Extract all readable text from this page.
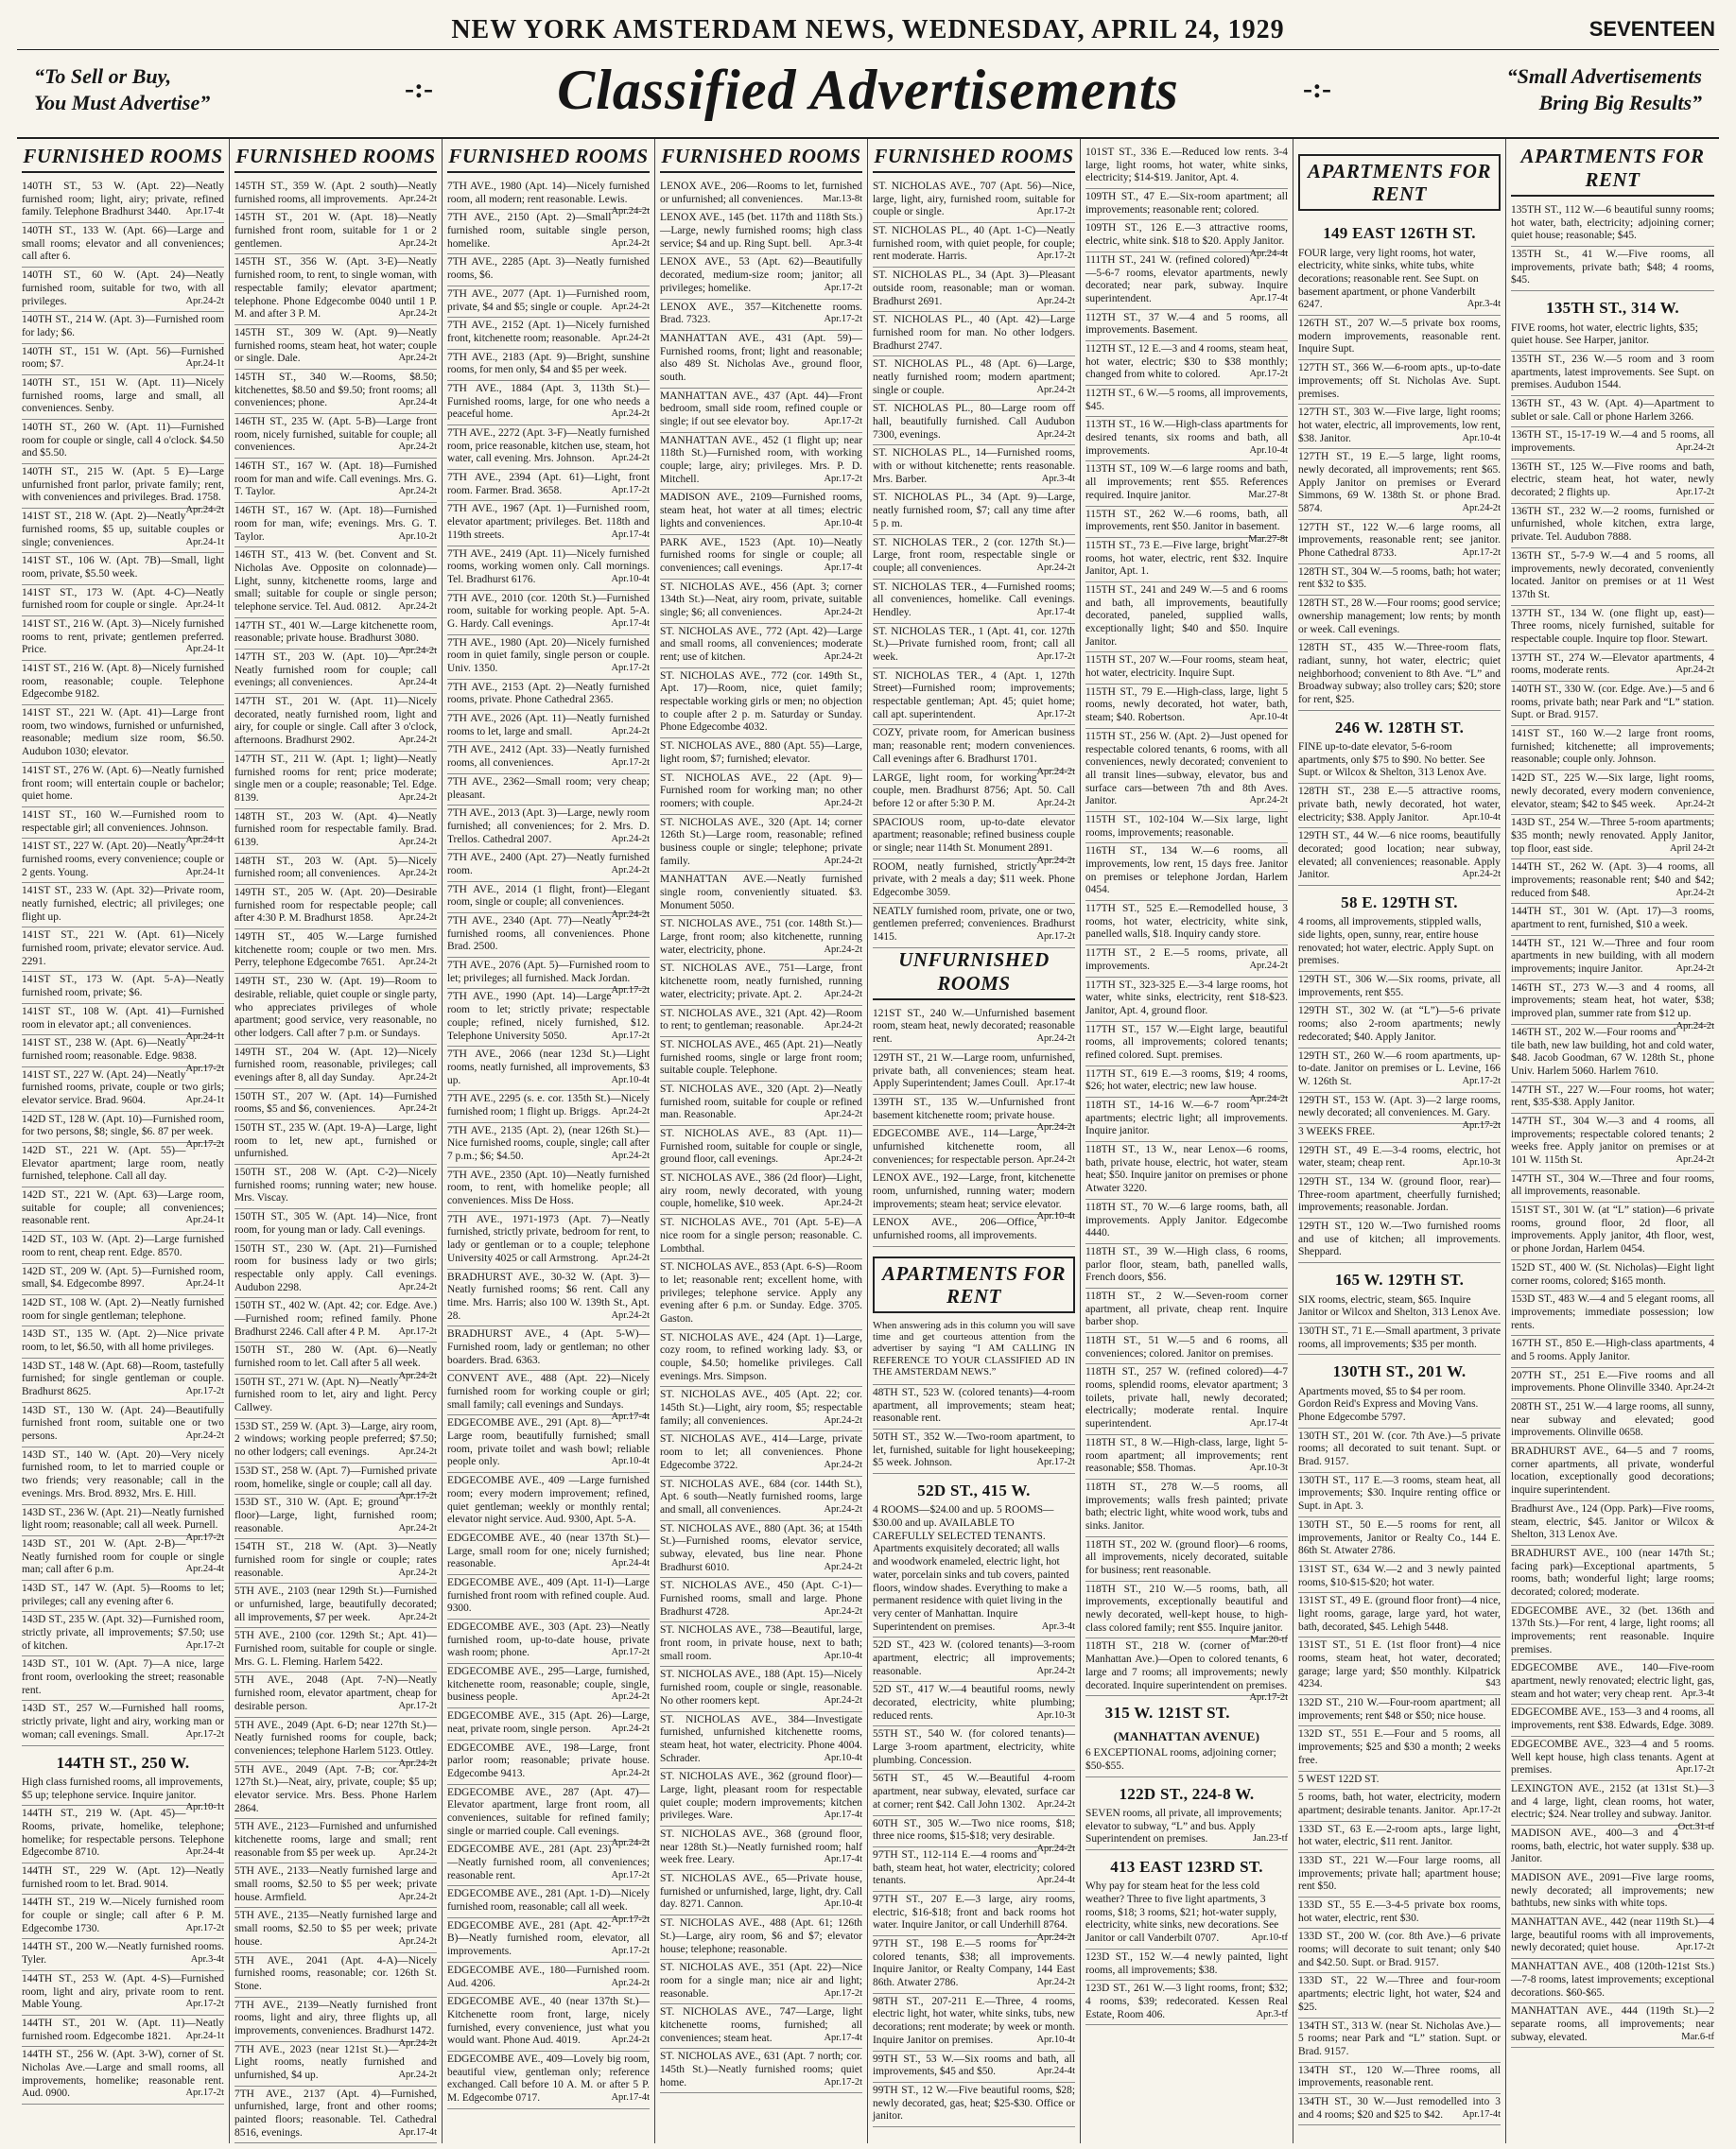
NEW YORK AMSTERDAM NEWS, WEDNESDAY, APRIL 24, 1929	SEVENTEEN
“To Sell or Buy,
You Must Advertise”	-:-	Classified Advertisements	-:-	“Small Advertisements
Bring Big Results”
FURNISHED ROOMS
140TH ST., 53 W. (Apt. 22)—Neatly furnished room; light, airy; private, refined family. Telephone Bradhurst 3440. Apr.17-4t
140TH ST., 133 W. (Apt. 66)—Large and small rooms; elevator and all conveniences; call after 6.
140TH ST., 60 W. (Apt. 24)—Neatly furnished room, suitable for two, with all privileges.	Apr.24-2t
140TH ST., 214 W. (Apt. 3)—Furnished room for lady; $6.
140TH ST., 151 W. (Apt. 56)—Furnished room; $7.	Apr.24-1t
140TH ST., 151 W. (Apt. 11)—Nicely furnished rooms, large and small, all conveniences. Senby.
140TH ST., 260 W. (Apt. 11)—Furnished room for couple or single, call 4 o'clock. $4.50 and $5.50.
140TH ST., 215 W. (Apt. 5 E)—Large unfurnished front parlor, private family; rent, with conveniences and privileges. Brad. 1758.
Apr.24-2t
141ST ST., 218 W. (Apt. 2)—Neatly furnished rooms, $5 up, suitable couples or single; conveniences.	Apr.24-1t
141ST ST., 106 W. (Apt. 7B)—Small, light room, private, $5.50 week.
141ST ST., 173 W. (Apt. 4-C)—Neatly furnished room for couple or single. Apr.24-1t
141ST ST., 216 W. (Apt. 3)—Nicely furnished rooms to rent, private; gentlemen preferred. Price.	Apr.24-1t
141ST ST., 216 W. (Apt. 8)—Nicely furnished room, reasonable; couple. Telephone Edgecombe 9182.
141ST ST., 221 W. (Apt. 41)—Large front room, two windows, furnished or unfurnished, reasonable; medium size room, $6.50. Audubon 1030; elevator.
141ST ST., 276 W. (Apt. 6)—Neatly furnished front room; will entertain couple or bachelor; quiet home.
141ST ST., 160 W.—Furnished room to respectable girl; all conveniences. Johnson.
Apr.24-1t
141ST ST., 227 W. (Apt. 20)—Neatly furnished rooms, every convenience; couple or 2 gents. Young.	Apr.24-1t
141ST ST., 233 W. (Apt. 32)—Private room, neatly furnished, electric; all privileges; one flight up.
141ST ST., 221 W. (Apt. 61)—Nicely furnished room, private; elevator service. Aud. 2291.
141ST ST., 173 W. (Apt. 5-A)—Neatly furnished room, private; $6.
141ST ST., 108 W. (Apt. 41)—Furnished room in elevator apt.; all conveniences.
Apr.24-1t
141ST ST., 238 W. (Apt. 6)—Neatly furnished room; reasonable. Edge. 9838.
Apr.17-2t
141ST ST., 227 W. (Apt. 24)—Neatly furnished rooms, private, couple or two girls; elevator service. Brad. 9604.	Apr.24-1t
142D ST., 128 W. (Apt. 10)—Furnished room, for two persons, $8; single, $6. 87 per week.
Apr.17-2t
142D ST., 221 W. (Apt. 55)—Elevator apartment; large room, neatly furnished, telephone. Call all day.
142D ST., 221 W. (Apt. 63)—Large room, suitable for couple; all conveniences; reasonable rent.	Apr.24-1t
142D ST., 103 W. (Apt. 2)—Large furnished room to rent, cheap rent. Edge. 8570.
142D ST., 209 W. (Apt. 5)—Furnished room, small, $4. Edgecombe 8997.	Apr.24-1t
142D ST., 108 W. (Apt. 2)—Neatly furnished room for single gentleman; telephone.
143D ST., 135 W. (Apt. 2)—Nice private room, to let, $6.50, with all home privileges.
143D ST., 148 W. (Apt. 68)—Room, tastefully furnished; for single gentleman or couple. Bradhurst 8625.	Apr.17-2t
143D ST., 130 W. (Apt. 24)—Beautifully furnished front room, suitable one or two persons.	Apr.24-2t
143D ST., 140 W. (Apt. 20)—Very nicely furnished room, to let to married couple or two friends; very reasonable; call in the evenings. Mrs. Brod. 8932, Mrs. E. Hill.
143D ST., 236 W. (Apt. 21)—Neatly furnished light room; reasonable; call all week. Purnell.
Apr.17-2t
143D ST., 201 W. (Apt. 2-B)—Neatly furnished room for couple or single man; call after 6 p.m.	Apr.24-4t
143D ST., 147 W. (Apt. 5)—Rooms to let; privileges; call any evening after 6.
143D ST., 235 W. (Apt. 32)—Furnished room, strictly private, all improvements; $7.50; use of kitchen.	Apr.17-2t
143D ST., 101 W. (Apt. 7)—A nice, large front room, overlooking the street; reasonable rent.
143D ST., 257 W.—Furnished hall rooms, strictly private, light and airy, working man or woman; call evenings. Small.	Apr.17-2t
144TH ST., 250 W.
High class furnished rooms, all improvements, $5 up; telephone service. Inquire janitor.
Apr.10-1t
144TH ST., 219 W. (Apt. 45)—Rooms, private, homelike, telephone; homelike; for respectable persons. Telephone Edgecombe 8710.	Apr.24-4t
144TH ST., 229 W. (Apt. 12)—Neatly furnished room to let. Brad. 9014.
144TH ST., 219 W.—Nicely furnished room for couple or single; call after 6 P. M. Edgecombe 1730.	Apr.17-2t
144TH ST., 200 W.—Neatly furnished rooms. Tyler.	Apr.3-4t
144TH ST., 253 W. (Apt. 4-S)—Furnished room, light and airy, private room to rent. Mable Young.	Apr.17-2t
144TH ST., 201 W. (Apt. 11)—Neatly furnished room. Edgecombe 1821. Apr.24-1t
144TH ST., 256 W. (Apt. 3-W), corner of St. Nicholas Ave.—Large and small rooms, all improvements, homelike; reasonable rent. Aud. 0900.	Apr.17-2t
FURNISHED ROOMS
145TH ST., 359 W. (Apt. 2 south)—Neatly furnished rooms, all improvements. Apr.24-2t
145TH ST., 201 W. (Apt. 18)—Neatly furnished front room, suitable for 1 or 2 gentlemen.	Apr.24-2t
145TH ST., 356 W. (Apt. 3-E)—Neatly furnished room, to rent, to single woman, with respectable family; elevator apartment; telephone. Phone Edgecombe 0040 until 1 P. M. and after 3 P. M.	Apr.24-2t
145TH ST., 309 W. (Apt. 9)—Neatly furnished rooms, steam heat, hot water; couple or single. Dale.	Apr.24-2t
145TH ST., 340 W.—Rooms, $8.50; kitchenettes, $8.50 and $9.50; front rooms; all conveniences; phone.	Apr.24-4t
146TH ST., 235 W. (Apt. 5-B)—Large front room, nicely furnished, suitable for couple; all conveniences.	Apr.24-2t
146TH ST., 167 W. (Apt. 18)—Furnished room for man and wife. Call evenings. Mrs. G. T. Taylor.	Apr.24-2t
146TH ST., 167 W. (Apt. 18)—Furnished room for man, wife; evenings. Mrs. G. T. Taylor.	Apr.10-2t
146TH ST., 413 W. (bet. Convent and St. Nicholas Ave. Opposite on colonnade)—Light, sunny, kitchenette rooms, large and small; suitable for couple or single person; telephone service. Tel. Aud. 0812. Apr.24-2t
147TH ST., 401 W.—Large kitchenette room, reasonable; private house. Bradhurst 3080.
Apr.24-2t
147TH ST., 203 W. (Apt. 10)—Neatly furnished room for couple; call evenings; all conveniences.	Apr.24-4t
147TH ST., 201 W. (Apt. 11)—Nicely decorated, neatly furnished room, light and airy, for couple or single. Call after 3 o'clock, afternoons. Bradhurst 2902.	Apr.24-2t
147TH ST., 211 W. (Apt. 1; light)—Neatly furnished rooms for rent; price moderate; single men or a couple; reasonable; Tel. Edge. 8139.	Apr.24-2t
148TH ST., 203 W. (Apt. 4)—Neatly furnished room for respectable family. Brad. 6139.	Apr.24-2t
148TH ST., 203 W. (Apt. 5)—Nicely furnished room; all conveniences. Apr.24-2t
149TH ST., 205 W. (Apt. 20)—Desirable furnished room for respectable people; call after 4:30 P. M. Bradhurst 1858.	Apr.24-2t
149TH ST., 405 W.—Large furnished kitchenette room; couple or two men. Mrs. Perry, telephone Edgecombe 7651. Apr.24-2t
149TH ST., 230 W. (Apt. 19)—Room to desirable, reliable, quiet couple or single party, who appreciates privileges of whole apartment; good service, very reasonable, no other lodgers. Call after 7 p.m. or Sundays.
149TH ST., 204 W. (Apt. 12)—Nicely furnished room, reasonable, privileges; call evenings after 8, all day Sunday. Apr.24-2t
150TH ST., 207 W. (Apt. 14)—Furnished rooms, $5 and $6, conveniences. Apr.24-2t
150TH ST., 235 W. (Apt. 19-A)—Large, light room to let, new apt., furnished or unfurnished.
150TH ST., 208 W. (Apt. C-2)—Nicely furnished rooms; running water; new house. Mrs. Viscay.
150TH ST., 305 W. (Apt. 14)—Nice, front room, for young man or lady. Call evenings.
150TH ST., 230 W. (Apt. 21)—Furnished room for business lady or two girls; respectable only apply. Call evenings. Audubon 2298.	Apr.24-2t
150TH ST., 402 W. (Apt. 42; cor. Edge. Ave.)—Furnished room; refined family. Phone Bradhurst 2246. Call after 4 P. M. Apr.17-2t
150TH ST., 280 W. (Apt. 6)—Neatly furnished room to let. Call after 5 all week.
Apr.24-2t
150TH ST., 271 W. (Apt. N)—Neatly furnished room to let, airy and light. Percy Callwey.
153D ST., 259 W. (Apt. 3)—Large, airy room, 2 windows; working people preferred; $7.50; no other lodgers; call evenings.	Apr.24-2t
153D ST., 258 W. (Apt. 7)—Furnished private room, homelike, single or couple; call all day.
Apr.17-2t
153D ST., 310 W. (Apt. E; ground floor)—Large, light, furnished room; reasonable.	Apr.24-2t
154TH ST., 218 W. (Apt. 3)—Neatly furnished room for single or couple; rates reasonable.	Apr.24-2t
5TH AVE., 2103 (near 129th St.)—Furnished or unfurnished, large, beautifully decorated; all improvements, $7 per week.	Apr.24-2t
5TH AVE., 2100 (cor. 129th St.; Apt. 41)—Furnished room, suitable for couple or single. Mrs. G. L. Fleming. Harlem 5422.
5TH AVE., 2048 (Apt. 7-N)—Neatly furnished room, elevator apartment, cheap for desirable person.	Apr.17-2t
5TH AVE., 2049 (Apt. 6-D; near 127th St.)—Neatly furnished rooms for couple, back; conveniences; telephone Harlem 5123. Ottley.
Apr.24-2t
5TH AVE., 2049 (Apt. 7-B; cor. 127th St.)—Neat, airy, private, couple; $5 up; elevator service. Mrs. Bess. Phone Harlem 2864.
5TH AVE., 2123—Furnished and unfurnished kitchenette rooms, large and small; rent reasonable from $5 per week up. Apr.24-2t
5TH AVE., 2133—Neatly furnished large and small rooms, $2.50 to $5 per week; private house. Armfield.	Apr.24-2t
5TH AVE., 2135—Neatly furnished large and small rooms, $2.50 to $5 per week; private house.	Apr.24-2t
5TH AVE., 2041 (Apt. 4-A)—Nicely furnished rooms, reasonable; cor. 126th St. Stone.
7TH AVE., 2139—Neatly furnished front rooms, light and airy, three flights up, all improvements, conveniences. Bradhurst 1472.
Apr.24-2t
7TH AVE., 2023 (near 121st St.)—Light rooms, neatly furnished and unfurnished, $4 up.	Apr.24-2t
7TH AVE., 2137 (Apt. 4)—Furnished, unfurnished, large, front and other rooms; painted floors; reasonable. Tel. Cathedral 8516, evenings.	Apr.17-4t
FURNISHED ROOMS
7TH AVE., 1980 (Apt. 14)—Nicely furnished room, all modern; rent reasonable. Lewis.
Apr.24-2t
7TH AVE., 2150 (Apt. 2)—Small furnished room, suitable single person, homelike.	Apr.24-2t
7TH AVE., 2285 (Apt. 3)—Neatly furnished rooms, $6.
7TH AVE., 2077 (Apt. 1)—Furnished room, private, $4 and $5; single or couple. Apr.24-2t
7TH AVE., 2152 (Apt. 1)—Nicely furnished front, kitchenette room; reasonable. Apr.24-2t
7TH AVE., 2183 (Apt. 9)—Bright, sunshine rooms, for men only, $4 and $5 per week.
7TH AVE., 1884 (Apt. 3, 113th St.)—Furnished rooms, large, for one who needs a peaceful home.	Apr.24-2t
7TH AVE., 2272 (Apt. 3-F)—Neatly furnished room, price reasonable, kitchen use, steam, hot water, call evening. Mrs. Johnson. Apr.24-2t
7TH AVE., 2394 (Apt. 61)—Light, front room. Farmer. Brad. 3658.	Apr.17-2t
7TH AVE., 1967 (Apt. 1)—Furnished room, elevator apartment; privileges. Bet. 118th and 119th streets.	Apr.17-4t
7TH AVE., 2419 (Apt. 11)—Nicely furnished rooms, working women only. Call mornings. Tel. Bradhurst 6176.	Apr.10-4t
7TH AVE., 2010 (cor. 120th St.)—Furnished room, suitable for working people. Apt. 5-A. G. Hardy. Call evenings.	Apr.17-4t
7TH AVE., 1980 (Apt. 20)—Nicely furnished room in quiet family, single person or couple. Univ. 1350.	Apr.17-2t
7TH AVE., 2153 (Apt. 2)—Neatly furnished rooms, private. Phone Cathedral 2365.
7TH AVE., 2026 (Apt. 11)—Neatly furnished rooms to let, large and small.	Apr.24-2t
7TH AVE., 2412 (Apt. 33)—Neatly furnished rooms, all conveniences.	Apr.17-2t
7TH AVE., 2362—Small room; very cheap; pleasant.
7TH AVE., 2013 (Apt. 3)—Large, newly room furnished; all conveniences; for 2. Mrs. D. Trellos. Cathedral 2007.	Apr.24-2t
7TH AVE., 2400 (Apt. 27)—Neatly furnished room.	Apr.24-2t
7TH AVE., 2014 (1 flight, front)—Elegant room, single or couple; all conveniences.
Apr.24-2t
7TH AVE., 2340 (Apt. 77)—Neatly furnished rooms, all conveniences. Phone Brad. 2500.
7TH AVE., 2076 (Apt. 5)—Furnished room to let; privileges; all furnished. Mack Jordan.
Apr.17-2t
7TH AVE., 1990 (Apt. 14)—Large room to let; strictly private; respectable couple; refined, nicely furnished, $12. Telephone University 5050.	Apr.17-2t
7TH AVE., 2066 (near 123d St.)—Light rooms, neatly furnished, all improvements, $3 up.	Apr.10-4t
7TH AVE., 2295 (s. e. cor. 135th St.)—Nicely furnished room; 1 flight up. Briggs. Apr.24-2t
7TH AVE., 2135 (Apt. 2), (near 126th St.)—Nice furnished rooms, couple, single; call after 7 p.m.; $6; $4.50.	Apr.24-2t
7TH AVE., 2350 (Apt. 10)—Neatly furnished room, to rent, with homelike people; all conveniences. Miss De Hoss.
7TH AVE., 1971-1973 (Apt. 7)—Neatly furnished, strictly private, bedroom for rent, to lady or gentleman or to a couple; telephone University 4025 or call Armstrong. Apr.24-2t
BRADHURST AVE., 30-32 W. (Apt. 3)—Neatly furnished rooms; $6 rent. Call any time. Mrs. Harris; also 100 W. 139th St., Apt. 28.	Apr.24-2t
BRADHURST AVE., 4 (Apt. 5-W)—Furnished room, lady or gentleman; no other boarders. Brad. 6363.
CONVENT AVE., 488 (Apt. 22)—Nicely furnished room for working couple or girl; small family; call evenings and Sundays.
Apr.17-4t
EDGECOMBE AVE., 291 (Apt. 8)—Large room, beautifully furnished; small room, private toilet and wash bowl; reliable people only.	Apr.10-4t
EDGECOMBE AVE., 409 —Large furnished room; every modern improvement; refined, quiet gentleman; weekly or monthly rental; elevator night service. Aud. 9300, Apt. 5-A.
EDGECOMBE AVE., 40 (near 137th St.)—Large, small room for one; nicely furnished; reasonable.	Apr.24-4t
EDGECOMBE AVE., 409 (Apt. 11-I)—Large furnished front room with refined couple. Aud. 9300.
EDGECOMBE AVE., 303 (Apt. 23)—Neatly furnished room, up-to-date house, private wash room; phone.	Apr.17-2t
EDGECOMBE AVE., 295—Large, furnished, kitchenette room, reasonable; couple, single, business people.	Apr.24-2t
EDGECOMBE AVE., 315 (Apt. 26)—Large, neat, private room, single person. Apr.24-2t
EDGECOMBE AVE., 198—Large, front parlor room; reasonable; private house. Edgecombe 9413.	Apr.24-2t
EDGECOMBE AVE., 287 (Apt. 47)—Elevator apartment, large front room, all conveniences, suitable for refined family; single or married couple. Call evenings.
Apr.24-2t
EDGECOMBE AVE., 281 (Apt. 23)—Neatly furnished room, all conveniences; reasonable rent.	Apr.17-2t
EDGECOMBE AVE., 281 (Apt. 1-D)—Nicely furnished room, reasonable; call all week.
Apr.17-2t
EDGECOMBE AVE., 281 (Apt. 42-B)—Neatly furnished room, elevator, all improvements.	Apr.17-2t
EDGECOMBE AVE., 180—Furnished room. Aud. 4206.	Apr.24-2t
EDGECOMBE AVE., 40 (near 137th St.)—Kitchenette room front, large, nicely furnished, every convenience, just what you would want. Phone Aud. 4019.	Apr.24-2t
EDGECOMBE AVE., 409—Lovely big room, beautiful view, gentleman only; reference exchanged. Call before 10 A. M. or after 5 P. M. Edgecombe 0717.	Apr.17-4t
FURNISHED ROOMS
LENOX AVE., 206—Rooms to let, furnished or unfurnished; all conveniences. Mar.13-8t
LENOX AVE., 145 (bet. 117th and 118th Sts.)—Large, newly furnished rooms; high class service; $4 and up. Ring Supt. bell. Apr.3-4t
LENOX AVE., 53 (Apt. 62)—Beautifully decorated, medium-size room; janitor; all privileges; homelike.	Apr.17-2t
LENOX AVE., 357—Kitchenette rooms. Brad. 7323.	Apr.17-2t
MANHATTAN AVE., 431 (Apt. 59)—Furnished rooms, front; light and reasonable; also 489 St. Nicholas Ave., ground floor, south.
MANHATTAN AVE., 437 (Apt. 44)—Front bedroom, small side room, refined couple or single; if out see elevator boy.	Apr.17-2t
MANHATTAN AVE., 452 (1 flight up; near 118th St.)—Furnished room, with working couple; large, airy; privileges. Mrs. P. D. Mitchell.	Apr.17-2t
MADISON AVE., 2109—Furnished rooms, steam heat, hot water at all times; electric lights and conveniences.	Apr.10-4t
PARK AVE., 1523 (Apt. 10)—Neatly furnished rooms for single or couple; all conveniences; call evenings.	Apr.17-4t
ST. NICHOLAS AVE., 456 (Apt. 3; corner 134th St.)—Neat, airy room, private, suitable single; $6; all conveniences.	Apr.24-2t
ST. NICHOLAS AVE., 772 (Apt. 42)—Large and small rooms, all conveniences; moderate rent; use of kitchen.	Apr.24-2t
ST. NICHOLAS AVE., 772 (cor. 149th St., Apt. 17)—Room, nice, quiet family; respectable working girls or men; no objection to couple after 2 p. m. Saturday or Sunday. Phone Edgecombe 4032.
ST. NICHOLAS AVE., 880 (Apt. 55)—Large, light room, $7; furnished; elevator.
ST. NICHOLAS AVE., 22 (Apt. 9)—Furnished room for working man; no other roomers; with couple.	Apr.24-2t
ST. NICHOLAS AVE., 320 (Apt. 14; corner 126th St.)—Large room, reasonable; refined business couple or single; telephone; private family.	Apr.24-2t
MANHATTAN AVE.—Neatly furnished single room, conveniently situated. $3. Monument 5050.
ST. NICHOLAS AVE., 751 (cor. 148th St.)—Large, front room; also kitchenette, running water, electricity, phone.	Apr.24-2t
ST. NICHOLAS AVE., 751—Large, front kitchenette room, neatly furnished, running water, electricity; private. Apt. 2. Apr.24-2t
ST. NICHOLAS AVE., 321 (Apt. 42)—Room to rent; to gentleman; reasonable. Apr.24-2t
ST. NICHOLAS AVE., 465 (Apt. 21)—Neatly furnished rooms, single or large front room; suitable couple. Telephone.
ST. NICHOLAS AVE., 320 (Apt. 2)—Neatly furnished room, suitable for couple or refined man. Reasonable.	Apr.24-2t
ST. NICHOLAS AVE., 83 (Apt. 11)—Furnished room, suitable for couple or single, ground floor, call evenings.	Apr.24-2t
ST. NICHOLAS AVE., 386 (2d floor)—Light, airy room, newly decorated, with young couple, homelike, $10 week.	Apr.24-2t
ST. NICHOLAS AVE., 701 (Apt. 5-E)—A nice room for a single person; reasonable. C. Lombthal.
ST. NICHOLAS AVE., 853 (Apt. 6-S)—Room to let; reasonable rent; excellent home, with privileges; telephone service. Apply any evening after 6 p.m. or Sunday. Edge. 3705. Gaston.
ST. NICHOLAS AVE., 424 (Apt. 1)—Large, cozy room, to refined working lady. $3, or couple, $4.50; homelike privileges. Call evenings. Mrs. Simpson.
ST. NICHOLAS AVE., 405 (Apt. 22; cor. 145th St.)—Light, airy room, $5; respectable family; all conveniences.	Apr.24-2t
ST. NICHOLAS AVE., 414—Large, private room to let; all conveniences. Phone Edgecombe 3722.	Apr.24-2t
ST. NICHOLAS AVE., 684 (cor. 144th St.), Apt. 6 south—Neatly furnished rooms, large and small, all conveniences.	Apr.24-2t
ST. NICHOLAS AVE., 880 (Apt. 36; at 154th St.)—Furnished rooms, elevator service, subway, elevated, bus line near. Phone Bradhurst 6010.	Apr.24-2t
ST. NICHOLAS AVE., 450 (Apt. C-1)—Furnished rooms, small and large. Phone Bradhurst 4728.	Apr.24-2t
ST. NICHOLAS AVE., 738—Beautiful, large, front room, in private house, next to bath; small room.	Apr.10-4t
ST. NICHOLAS AVE., 188 (Apt. 15)—Nicely furnished room, couple or single, reasonable. No other roomers kept.	Apr.24-2t
ST. NICHOLAS AVE., 384—Investigate furnished, unfurnished kitchenette rooms, steam heat, hot water, electricity. Phone 4004. Schrader.	Apr.10-4t
ST. NICHOLAS AVE., 362 (ground floor)—Large, light, pleasant room for respectable quiet couple; modern improvements; kitchen privileges. Ware.	Apr.17-4t
ST. NICHOLAS AVE., 368 (ground floor, near 128th St.)—Neatly furnished room; half week free. Leary.	Apr.17-4t
ST. NICHOLAS AVE., 65—Private house, furnished or unfurnished, large, light, dry. Call day. 8271. Cannon.	Apr.10-4t
ST. NICHOLAS AVE., 488 (Apt. 61; 126th St.)—Large, airy room, $6 and $7; elevator house; telephone; reasonable.
ST. NICHOLAS AVE., 351 (Apt. 22)—Nice room for a single man; nice air and light; reasonable.	Apr.17-2t
ST. NICHOLAS AVE., 747—Large, light kitchenette rooms, furnished; all conveniences; steam heat.	Apr.17-4t
ST. NICHOLAS AVE., 631 (Apt. 7 north; cor. 145th St.)—Neatly furnished rooms; quiet home.	Apr.17-2t
FURNISHED ROOMS
ST. NICHOLAS AVE., 707 (Apt. 56)—Nice, large, light, airy, furnished room, suitable for couple or single.	Apr.17-2t
ST. NICHOLAS PL., 40 (Apt. 1-C)—Neatly furnished room, with quiet people, for couple; rent moderate. Harris.	Apr.17-2t
ST. NICHOLAS PL., 34 (Apt. 3)—Pleasant outside room, reasonable; man or woman. Bradhurst 2691.	Apr.24-2t
ST. NICHOLAS PL., 40 (Apt. 42)—Large furnished room for man. No other lodgers. Bradhurst 2747.
ST. NICHOLAS PL., 48 (Apt. 6)—Large, neatly furnished room; modern apartment; single or couple.	Apr.24-2t
ST. NICHOLAS PL., 80—Large room off hall, beautifully furnished. Call Audubon 7300, evenings.	Apr.24-2t
ST. NICHOLAS PL., 14—Furnished rooms, with or without kitchenette; rents reasonable. Mrs. Barber.	Apr.3-4t
ST. NICHOLAS PL., 34 (Apt. 9)—Large, neatly furnished room, $7; call any time after 5 p. m.
ST. NICHOLAS TER., 2 (cor. 127th St.)—Large, front room, respectable single or couple; all conveniences.	Apr.24-2t
ST. NICHOLAS TER., 4—Furnished rooms; all conveniences, homelike. Call evenings. Hendley.	Apr.17-4t
ST. NICHOLAS TER., 1 (Apt. 41, cor. 127th St.)—Private furnished room, front; call all week.	Apr.17-2t
ST. NICHOLAS TER., 4 (Apt. 1, 127th Street)—Furnished room; improvements; respectable gentleman; Apt. 45; quiet home; call apt. superintendent.	Apr.17-2t
COZY, private room, for American business man; reasonable rent; modern conveniences. Call evenings after 6. Bradhurst 1701.
Apr.24-2t
LARGE, light room, for working couple, men. Bradhurst 8756; Apt. 50. Call before 12 or after 5:30 P. M.	Apr.24-2t
SPACIOUS room, up-to-date elevator apartment; reasonable; refined business couple or single; near 114th St. Monument 2891.
Apr.24-2t
ROOM, neatly furnished, strictly private, with 2 meals a day; $11 week. Phone Edgecombe 3059.
NEATLY furnished room, private, one or two, gentlemen preferred; conveniences. Bradhurst 1415.	Apr.17-2t
UNFURNISHED ROOMS
121ST ST., 240 W.—Unfurnished basement room, steam heat, newly decorated; reasonable rent.	Apr.24-2t
129TH ST., 21 W.—Large room, unfurnished, private bath, all conveniences; steam heat. Apply Superintendent; James Coull. Apr.17-4t
139TH ST., 135 W.—Unfurnished front basement kitchenette room; private house.
Apr.24-2t
EDGECOMBE AVE., 114—Large, unfurnished kitchenette room, all conveniences; for respectable person. Apr.24-2t
LENOX AVE., 192—Large, front, kitchenette room, unfurnished, running water; modern improvements; steam heat; service elevator.
Apr.10-4t
LENOX AVE., 206—Office, unfurnished rooms, all improvements.
APARTMENTS FOR RENT
When answering ads in this column you will save time and get courteous attention from the advertiser by saying “I AM CALLING IN REFERENCE TO YOUR CLASSIFIED AD IN THE AMSTERDAM NEWS.”
48TH ST., 523 W. (colored tenants)—4-room apartment, all improvements; steam heat; reasonable rent.
50TH ST., 352 W.—Two-room apartment, to let, furnished, suitable for light housekeeping; $5 week. Johnson.	Apr.17-2t
52D ST., 415 W.
4 ROOMS—$24.00 and up. 5 ROOMS—$30.00 and up. AVAILABLE TO CAREFULLY SELECTED TENANTS. Apartments exquisitely decorated; all walls and woodwork enameled, electric light, hot water, porcelain sinks and tub covers, painted floors, window shades. Everything to make a permanent residence with quiet living in the very center of Manhattan. Inquire Superintendent on premises.	Apr.3-4t
52D ST., 423 W. (colored tenants)—3-room apartment, electric; all improvements; reasonable.	Apr.24-2t
52D ST., 417 W.—4 beautiful rooms, newly decorated, electricity, white plumbing; reduced rents.	Apr.10-3t
55TH ST., 540 W. (for colored tenants)—Large 3-room apartment, electricity, white plumbing. Concession.
56TH ST., 45 W.—Beautiful 4-room apartment, near subway, elevated, surface car at corner; rent $42. Call John 1302. Apr.24-2t
60TH ST., 305 W.—Two nice rooms, $18; three nice rooms, $15-$18; very desirable.
Apr.24-2t
97TH ST., 112-114 E.—4 rooms and bath, steam heat, hot water, electricity; colored tenants.	Apr.24-4t
97TH ST., 207 E.—3 large, airy rooms, electric, $16-$18; front and back rooms hot water. Inquire Janitor, or call Underhill 8764.
Apr.24-2t
97TH ST., 198 E.—5 rooms for colored tenants, $38; all improvements. Inquire Janitor, or Realty Company, 144 East 86th. Atwater 2786.	Apr.24-2t
98TH ST., 207-211 E.—Three, 4 rooms, electric light, hot water, white sinks, tubs, new decorations; rent moderate; by week or month. Inquire Janitor on premises.	Apr.10-4t
99TH ST., 53 W.—Six rooms and bath, all improvements, $45 and $50.	Apr.24-4t
99TH ST., 12 W.—Five beautiful rooms, $28; newly decorated, gas, heat; $25-$30. Office or janitor.
101ST ST., 336 E.—Reduced low rents. 3-4 large, light rooms, hot water, white sinks, electricity; $14-$19. Janitor, Apt. 4.
109TH ST., 47 E.—Six-room apartment; all improvements; reasonable rent; colored.
109TH ST., 126 E.—3 attractive rooms, electric, white sink. $18 to $20. Apply Janitor.
Apr.24-4t
111TH ST., 241 W. (refined colored)—5-6-7 rooms, elevator apartments, newly decorated; near park, subway. Inquire superintendent.	Apr.17-4t
112TH ST., 37 W.—4 and 5 rooms, all improvements. Basement.
112TH ST., 12 E.—3 and 4 rooms, steam heat, hot water, electric; $30 to $38 monthly; changed from white to colored.	Apr.17-2t
112TH ST., 6 W.—5 rooms, all improvements, $45.
113TH ST., 16 W.—High-class apartments for desired tenants, six rooms and bath, all improvements.	Apr.10-4t
113TH ST., 109 W.—6 large rooms and bath, all improvements; rent $55. References required. Inquire janitor.	Mar.27-8t
115TH ST., 262 W.—6 rooms, bath, all improvements, rent $50. Janitor in basement.
Mar.27-8t
115TH ST., 73 E.—Five large, bright rooms, hot water, electric, rent $32. Inquire Janitor, Apt. 1.
115TH ST., 241 and 249 W.—5 and 6 rooms and bath, all improvements, beautifully decorated, paneled, supplied walls, exceptionally light; $40 and $50. Inquire Janitor.
115TH ST., 207 W.—Four rooms, steam heat, hot water, electricity. Inquire Supt.
115TH ST., 79 E.—High-class, large, light 5 rooms, newly decorated, hot water, bath, steam; $40. Robertson.	Apr.10-4t
115TH ST., 256 W. (Apt. 2)—Just opened for respectable colored tenants, 6 rooms, with all conveniences, newly decorated; convenient to all transit lines—subway, elevator, bus and surface cars—between 7th and 8th Aves. Janitor.	Apr.24-2t
115TH ST., 102-104 W.—Six large, light rooms, improvements; reasonable.
116TH ST., 134 W.—6 rooms, all improvements, low rent, 15 days free. Janitor on premises or telephone Jordan, Harlem 0454.
117TH ST., 525 E.—Remodelled house, 3 rooms, hot water, electricity, white sink, panelled walls, $18. Inquiry candy store.
117TH ST., 2 E.—5 rooms, private, all improvements.	Apr.24-2t
117TH ST., 323-325 E.—3-4 large rooms, hot water, white sinks, electricity, rent $18-$23. Janitor, Apt. 4, ground floor.
117TH ST., 157 W.—Eight large, beautiful rooms, all improvements; colored tenants; refined colored. Supt. premises.
117TH ST., 619 E.—3 rooms, $19; 4 rooms, $26; hot water, electric; new law house.
Apr.24-2t
118TH ST., 14-16 W.—6-7 room apartments; electric light; all improvements. Inquire janitor.
118TH ST., 13 W., near Lenox—6 rooms, bath, private house, electric, hot water, steam heat; $50. Inquire janitor on premises or phone Atwater 3220.
118TH ST., 70 W.—6 large rooms, bath, all improvements. Apply Janitor. Edgecombe 4440.
118TH ST., 39 W.—High class, 6 rooms, parlor floor, steam, bath, panelled walls, French doors, $56.
118TH ST., 2 W.—Seven-room corner apartment, all private, cheap rent. Inquire barber shop.
118TH ST., 51 W.—5 and 6 rooms, all conveniences; colored. Janitor on premises.
118TH ST., 257 W. (refined colored)—4-7 rooms, splendid rooms, elevator apartment; 3 toilets, private hall, newly decorated; electrically; moderate rental. Inquire superintendent.	Apr.17-4t
118TH ST., 8 W.—High-class, large, light 5-room apartment; all improvements; rent reasonable; $58. Thomas.	Apr.10-3t
118TH ST., 278 W.—5 rooms, all improvements; walls fresh painted; private bath; electric light, white wood work, tubs and sinks. Janitor.
118TH ST., 202 W. (ground floor)—6 rooms, all improvements, nicely decorated, suitable for business; rent reasonable.
118TH ST., 210 W.—5 rooms, bath, all improvements, exceptionally beautiful and newly decorated, well-kept house, to high-class colored family; rent $55. Inquire janitor.
Mar.20-tf
118TH ST., 218 W. (corner of Manhattan Ave.)—Open to colored tenants, 6 large and 7 rooms; all improvements; newly decorated. Inquire superintendent on premises.
Apr.17-2t
315 W. 121ST ST.
(MANHATTAN AVENUE)
6 EXCEPTIONAL rooms, adjoining corner; $50-$55.
122D ST., 224-8 W.
SEVEN rooms, all private, all improvements; elevator to subway, “L” and bus. Apply Superintendent on premises.	Jan.23-tf
413 EAST 123RD ST.
Why pay for steam heat for the less cold weather? Three to five light apartments, 3 rooms, $18; 3 rooms, $21; hot-water supply, electricity, white sinks, new decorations. See Janitor or call Vanderbilt 0707.	Apr.10-tf
123D ST., 152 W.—4 newly painted, light rooms, all improvements; $38.
123D ST., 261 W.—3 light rooms, front; $32; 4 rooms, $39; redecorated. Kessen Real Estate, Room 406.	Apr.3-tf
APARTMENTS FOR RENT
149 EAST 126TH ST.
FOUR large, very light rooms, hot water, electricity, white sinks, white tubs, white decorations; reasonable rent. See Supt. on basement apartment, or phone Vanderbilt 6247.	Apr.3-4t
126TH ST., 207 W.—5 private box rooms, modern improvements, reasonable rent. Inquire Supt.
127TH ST., 366 W.—6-room apts., up-to-date improvements; off St. Nicholas Ave. Supt. premises.
127TH ST., 303 W.—Five large, light rooms; hot water, electric, all improvements, low rent, $38. Janitor.	Apr.10-4t
127TH ST., 19 E.—5 large, light rooms, newly decorated, all improvements; rent $65. Apply Janitor on premises or Everard Simmons, 69 W. 138th St. or phone Brad. 5874.	Apr.24-2t
127TH ST., 122 W.—6 large rooms, all improvements, reasonable rent; see janitor. Phone Cathedral 8733.	Apr.17-2t
128TH ST., 304 W.—5 rooms, bath; hot water; rent $32 to $35.
128TH ST., 28 W.—Four rooms; good service; ownership management; low rents; by month or week. Call evenings.
128TH ST., 435 W.—Three-room flats, radiant, sunny, hot water, electric; quiet neighborhood; convenient to 8th Ave. “L” and Broadway subway; also trolley cars; $20; store for rent, $25.
246 W. 128TH ST.
FINE up-to-date elevator, 5-6-room apartments, only $75 to $90. No better. See Supt. or Wilcox & Shelton, 313 Lenox Ave.
128TH ST., 238 E.—5 attractive rooms, private bath, newly decorated, hot water, electricity; $38. Apply Janitor.	Apr.10-4t
129TH ST., 44 W.—6 nice rooms, beautifully decorated; good location; near subway, elevated; all conveniences; reasonable. Apply Janitor.	Apr.24-2t
58 E. 129TH ST.
4 rooms, all improvements, stippled walls, side lights, open, sunny, rear, entire house renovated; hot water, electric. Apply Supt. on premises.
129TH ST., 306 W.—Six rooms, private, all improvements, rent $55.
129TH ST., 302 W. (at “L”)—5-6 private rooms; also 2-room apartments; newly redecorated; $40. Apply Janitor.
129TH ST., 260 W.—6 room apartments, up-to-date. Janitor on premises or L. Levine, 166 W. 126th St.	Apr.17-2t
129TH ST., 153 W. (Apt. 3)—2 large rooms, newly decorated; all conveniences. M. Gary.
Apr.17-2t
3 WEEKS FREE.
129TH ST., 49 E.—3-4 rooms, electric, hot water, steam; cheap rent.	Apr.10-3t
129TH ST., 134 W. (ground floor, rear)—Three-room apartment, cheerfully furnished; improvements; reasonable. Jordan.
129TH ST., 120 W.—Two furnished rooms and use of kitchen; all improvements. Sheppard.
165 W. 129TH ST.
SIX rooms, electric, steam, $65. Inquire Janitor or Wilcox and Shelton, 313 Lenox Ave.
130TH ST., 71 E.—Small apartment, 3 private rooms, all improvements; $35 per month.
130TH ST., 201 W.
Apartments moved, $5 to $4 per room. Gordon Reid's Express and Moving Vans. Phone Edgecombe 5797.
130TH ST., 201 W. (cor. 7th Ave.)—5 private rooms; all decorated to suit tenant. Supt. or Brad. 9157.
130TH ST., 117 E.—3 rooms, steam heat, all improvements; $30. Inquire renting office or Supt. in Apt. 3.
130TH ST., 50 E.—5 rooms for rent, all improvements, Janitor or Realty Co., 144 E. 86th St. Atwater 2786.
131ST ST., 634 W.—2 and 3 newly painted rooms, $10-$15-$20; hot water.
131ST ST., 49 E. (ground floor front)—4 nice, light rooms, garage, large yard, hot water, bath, decorated, $45. Lehigh 5448.
131ST ST., 51 E. (1st floor front)—4 nice rooms, steam heat, hot water, decorated; garage; large yard; $50 monthly. Kilpatrick 4234.	$43
132D ST., 210 W.—Four-room apartment; all improvements; rent $48 or $50; nice house.
132D ST., 551 E.—Four and 5 rooms, all improvements; $25 and $30 a month; 2 weeks free.
5 WEST 122D ST.
5 rooms, bath, hot water, electricity, modern apartment; desirable tenants. Janitor. Apr.17-2t
133D ST., 63 E.—2-room apts., large light, hot water, electric, $11 rent. Janitor.
133D ST., 221 W.—Four large rooms, all improvements; private hall; apartment house; rent $50.
133D ST., 55 E.—3-4-5 private box rooms, hot water, electric, rent $30.
133D ST., 200 W. (cor. 8th Ave.)—6 private rooms; will decorate to suit tenant; only $40 and $42.50. Supt. or Brad. 9157.
133D ST., 22 W.—Three and four-room apartments; electric light, hot water, $24 and $25.
134TH ST., 313 W. (near St. Nicholas Ave.)—5 rooms; near Park and “L” station. Supt. or Brad. 9157.
134TH ST., 120 W.—Three rooms, all improvements, reasonable rent.
134TH ST., 30 W.—Just remodelled into 3 and 4 rooms; $20 and $25 to $42. Apr.17-4t
APARTMENTS FOR RENT
135TH ST., 112 W.—6 beautiful sunny rooms; hot water, bath, electricity; adjoining corner; quiet house; reasonable; $45.
135TH St., 41 W.—Five rooms, all improvements, private bath; $48; 4 rooms, $45.
135TH ST., 314 W.
FIVE rooms, hot water, electric lights, $35; quiet house. See Harper, janitor.
135TH ST., 236 W.—5 room and 3 room apartments, latest improvements. See Supt. on premises. Audubon 1544.
136TH ST., 43 W. (Apt. 4)—Apartment to sublet or sale. Call or phone Harlem 3266.
136TH ST., 15-17-19 W.—4 and 5 rooms, all improvements.	Apr.24-2t
136TH ST., 125 W.—Five rooms and bath, electric, steam heat, hot water, newly decorated; 2 flights up.	Apr.17-2t
136TH ST., 232 W.—2 rooms, furnished or unfurnished, whole kitchen, extra large, private. Tel. Audubon 7888.
136TH ST., 5-7-9 W.—4 and 5 rooms, all improvements, newly decorated, conveniently located. Janitor on premises or at 11 West 137th St.
137TH ST., 134 W. (one flight up, east)—Three rooms, nicely furnished, suitable for respectable couple. Inquire top floor. Stewart.
137TH ST., 274 W.—Elevator apartments, 4 rooms, moderate rents.	Apr.24-2t
140TH ST., 330 W. (cor. Edge. Ave.)—5 and 6 rooms, private bath; near Park and “L” station. Supt. or Brad. 9157.
141ST ST., 160 W.—2 large front rooms, furnished; kitchenette; all improvements; reasonable; couple only. Johnson.
142D ST., 225 W.—Six large, light rooms, newly decorated, every modern convenience, elevator, steam; $42 to $45 week. Apr.24-2t
143D ST., 254 W.—Three 5-room apartments; $35 month; newly renovated. Apply Janitor, top floor, east side.	April 24-2t
144TH ST., 262 W. (Apt. 3)—4 rooms, all improvements; reasonable rent; $40 and $42; reduced from $48.	Apr.24-2t
144TH ST., 301 W. (Apt. 17)—3 rooms, apartment to rent, furnished, $10 a week.
144TH ST., 121 W.—Three and four room apartments in new building, with all modern improvements; inquire Janitor.	Apr.24-2t
146TH ST., 273 W.—3 and 4 rooms, all improvements; steam heat, hot water, $38; improved plan, summer rate from $12 up.
Apr.24-2t
146TH ST., 202 W.—Four rooms and tile bath, new law building, hot and cold water, $48. Jacob Goodman, 67 W. 128th St., phone Univ. Harlem 5060. Harlem 7610.
147TH ST., 227 W.—Four rooms, hot water; rent, $35-$38. Apply Janitor.
147TH ST., 304 W.—3 and 4 rooms, all improvements; respectable colored tenants; 2 weeks free. Apply janitor on premises or at 101 W. 115th St.	Apr.24-2t
147TH ST., 304 W.—Three and four rooms, all improvements, reasonable.
151ST ST., 301 W. (at “L” station)—6 private rooms, ground floor, 2d floor, all improvements. Apply janitor, 4th floor, west, or phone Jordan, Harlem 0454.
152D ST., 400 W. (St. Nicholas)—Eight light corner rooms, colored; $165 month.
153D ST., 483 W.—4 and 5 elegant rooms, all improvements; immediate possession; low rents.
167TH ST., 850 E.—High-class apartments, 4 and 5 rooms. Apply Janitor.
207TH ST., 251 E.—Five rooms and all improvements. Phone Olinville 3340. Apr.24-2t
208TH ST., 251 W.—4 large rooms, all sunny, near subway and elevated; good improvements. Olinville 0658.
BRADHURST AVE., 64—5 and 7 rooms, corner apartments, all private, wonderful location, exceptionally good decorations; inquire superintendent.
Bradhurst Ave., 124 (Opp. Park)—Five rooms, steam, electric, $45. Janitor or Wilcox & Shelton, 313 Lenox Ave.
BRADHURST AVE., 100 (near 147th St.; facing park)—Exceptional apartments, 5 rooms, bath; wonderful light; large rooms; decorated; colored; moderate.
EDGECOMBE AVE., 32 (bet. 136th and 137th Sts.)—For rent, 4 large, light rooms; all improvements; rent reasonable. Inquire premises.
EDGECOMBE AVE., 140—Five-room apartment, newly renovated; electric light, gas, steam and hot water; very cheap rent. Apr.3-4t
EDGECOMBE AVE., 153—3 and 4 rooms, all improvements, rent $38. Edwards, Edge. 3089.
EDGECOMBE AVE., 323—4 and 5 rooms. Well kept house, high class tenants. Agent at premises.	Apr.17-2t
LEXINGTON AVE., 2152 (at 131st St.)—3 and 4 large, light, clean rooms, hot water, electric; $24. Near trolley and subway. Janitor.
Oct.31-tf
MADISON AVE., 400—3 and 4 rooms, bath, electric, hot water supply. $38 up. Janitor.
MADISON AVE., 2091—Five large rooms, newly decorated; all improvements; new bathtubs, new sinks with white tops.
MANHATTAN AVE., 442 (near 119th St.)—4 large, beautiful rooms with all improvements, newly decorated; quiet house.	Apr.17-2t
MANHATTAN AVE., 408 (120th-121st Sts.)—7-8 rooms, latest improvements; exceptional decorations. $60-$65.
MANHATTAN AVE., 444 (119th St.)—2 separate rooms, all improvements; near subway, elevated.	Mar.6-tf
